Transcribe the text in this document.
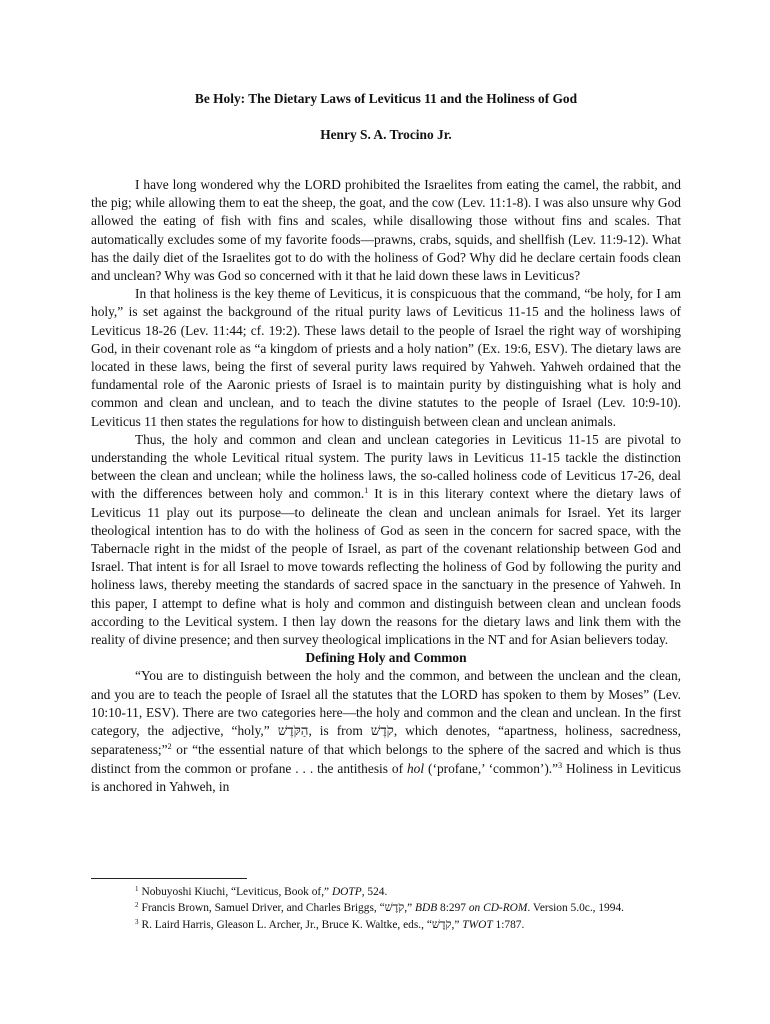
Be Holy: The Dietary Laws of Leviticus 11 and the Holiness of God

Henry S. A. Trocino Jr.

I have long wondered why the LORD prohibited the Israelites from eating the camel, the rabbit, and the pig; while allowing them to eat the sheep, the goat, and the cow (Lev. 11:1-8). I was also unsure why God allowed the eating of fish with fins and scales, while disallowing those without fins and scales. That automatically excludes some of my favorite foods—prawns, crabs, squids, and shellfish (Lev. 11:9-12). What has the daily diet of the Israelites got to do with the holiness of God? Why did he declare certain foods clean and unclean? Why was God so concerned with it that he laid down these laws in Leviticus?

In that holiness is the key theme of Leviticus, it is conspicuous that the command, “be holy, for I am holy,” is set against the background of the ritual purity laws of Leviticus 11-15 and the holiness laws of Leviticus 18-26 (Lev. 11:44; cf. 19:2). These laws detail to the people of Israel the right way of worshiping God, in their covenant role as “a kingdom of priests and a holy nation” (Ex. 19:6, ESV). The dietary laws are located in these laws, being the first of several purity laws required by Yahweh. Yahweh ordained that the fundamental role of the Aaronic priests of Israel is to maintain purity by distinguishing what is holy and common and clean and unclean, and to teach the divine statutes to the people of Israel (Lev. 10:9-10). Leviticus 11 then states the regulations for how to distinguish between clean and unclean animals.

Thus, the holy and common and clean and unclean categories in Leviticus 11-15 are pivotal to understanding the whole Levitical ritual system. The purity laws in Leviticus 11-15 tackle the distinction between the clean and unclean; while the holiness laws, the so-called holiness code of Leviticus 17-26, deal with the differences between holy and common.$^1$ It is in this literary context where the dietary laws of Leviticus 11 play out its purpose—to delineate the clean and unclean animals for Israel. Yet its larger theological intention has to do with the holiness of God as seen in the concern for sacred space, with the Tabernacle right in the midst of the people of Israel, as part of the covenant relationship between God and Israel. That intent is for all Israel to move towards reflecting the holiness of God by following the purity and holiness laws, thereby meeting the standards of sacred space in the sanctuary in the presence of Yahweh. In this paper, I attempt to define what is holy and common and distinguish between clean and unclean foods according to the Levitical system. I then lay down the reasons for the dietary laws and link them with the reality of divine presence; and then survey theological implications in the NT and for Asian believers today.

Defining Holy and Common

“You are to distinguish between the holy and the common, and between the unclean and the clean, and you are to teach the people of Israel all the statutes that the LORD has spoken to them by Moses” (Lev. 10:10-11, ESV). There are two categories here—the holy and common and the clean and unclean. In the first category, the adjective, “holy,” הַקֹּדֶשׁ, is from קֹדֶשׁ, which denotes, “apartness, holiness, sacredness, separateness;”$^2$ or “the essential nature of that which belongs to the sphere of the sacred and which is thus distinct from the common or profane . . . the antithesis of hol (‘profane,’ ‘common’).”$^3$ Holiness in Leviticus is anchored in Yahweh, in

$^1$ Nobuyoshi Kiuchi, “Leviticus, Book of,” DOTP, 524.

$^2$ Francis Brown, Samuel Driver, and Charles Briggs, “קֹדֶשׁ,” BDB 8:297 on CD-ROM. Version 5.0c., 1994.

$^3$ R. Laird Harris, Gleason L. Archer, Jr., Bruce K. Waltke, eds., “קֹדֶשׁ,” TWOT 1:787.
